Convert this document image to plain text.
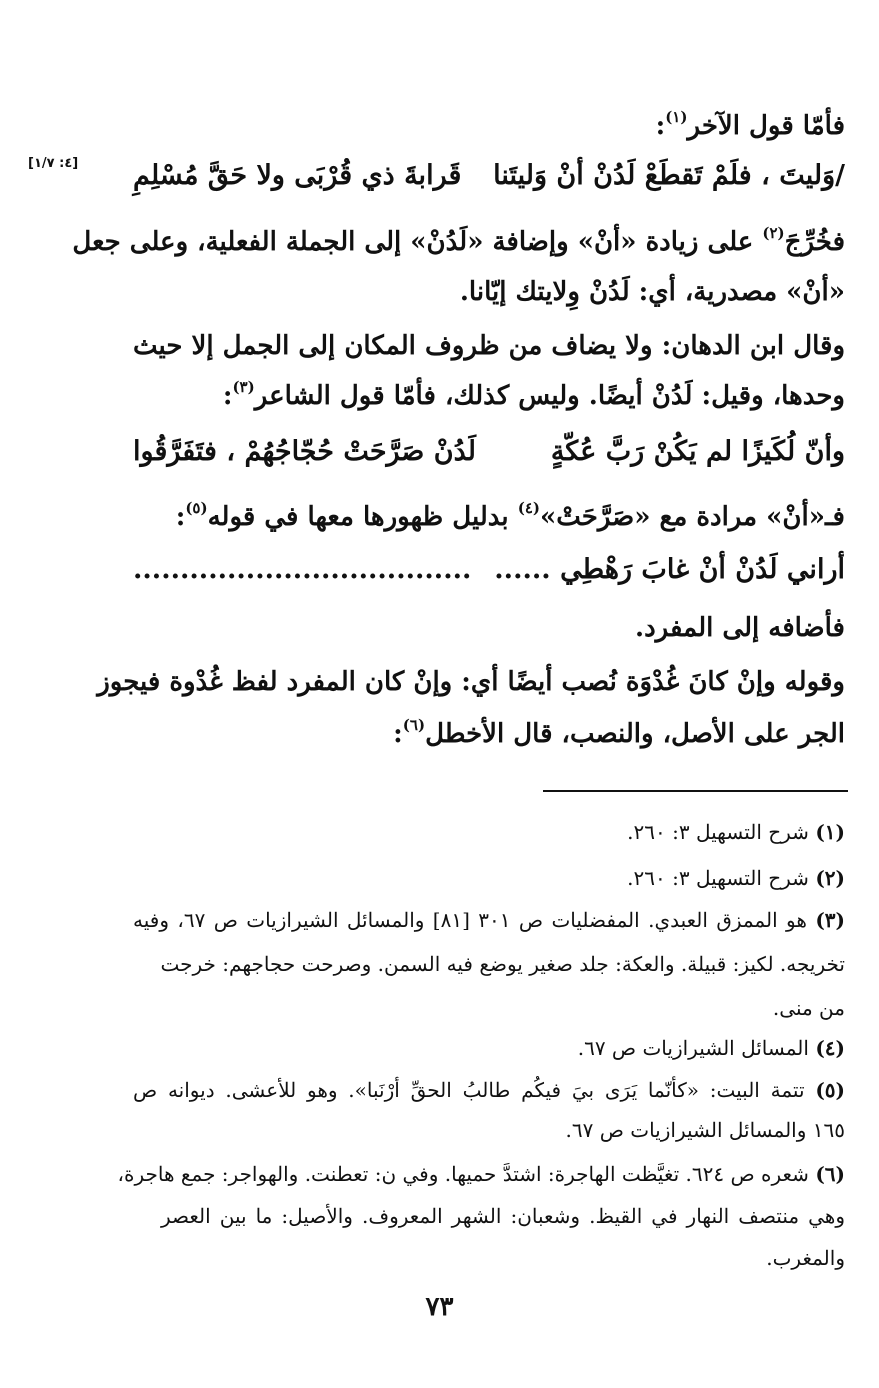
[٤: ١/٧]
فأمّا قول الآخر$^{(١)}$:
/وَليتَ ، فلَمْ تَقطَعْ لَدُنْ أنْ وَليتَنا
قَرابةَ ذي قُرْبَى ولا حَقَّ مُسْلِمِ
فخُرِّجَ$^{(٢)}$ على زيادة «أنْ» وإضافة «لَدُنْ» إلى الجملة الفعلية، وعلى جعل
«أنْ» مصدرية، أي: لَدُنْ وِلايتك إيّانا.
وقال ابن الدهان: ولا يضاف من ظروف المكان إلى الجمل إلا حيث
وحدها، وقيل: لَدُنْ أيضًا. وليس كذلك، فأمّا قول الشاعر$^{(٣)}$:
وأنّ لُكَيزًا لم يَكُنْ رَبَّ عُكّةٍ
لَدُنْ صَرَّحَتْ حُجّاجُهُمْ ، فتَفَرَّقُوا
فـ«أنْ» مرادة مع «صَرَّحَتْ»$^{(٤)}$ بدليل ظهورها معها في قوله$^{(٥)}$:
أراني لَدُنْ أنْ غابَ رَهْطِي ......
....................................
فأضافه إلى المفرد.
وقوله وإنْ كانَ غُدْوَة نُصب أيضًا أي: وإنْ كان المفرد لفظ غُدْوة فيجوز
الجر على الأصل، والنصب، قال الأخطل$^{(٦)}$:
(١) شرح التسهيل ٣: ٢٦٠.
(٢) شرح التسهيل ٣: ٢٦٠.
(٣) هو الممزق العبدي. المفضليات ص ٣٠١ [٨١] والمسائل الشيرازيات ص ٦٧، وفيه
تخريجه. لكيز: قبيلة. والعكة: جلد صغير يوضع فيه السمن. وصرحت حجاجهم: خرجت
من منى.
(٤) المسائل الشيرازيات ص ٦٧.
(٥) تتمة البيت: «كأنّما يَرَى بيَ فيكُم طالبُ الحقِّ أرْنَبا». وهو للأعشى. ديوانه ص
١٦٥ والمسائل الشيرازيات ص ٦٧.
(٦) شعره ص ٦٢٤. تغيَّظت الهاجرة: اشتدَّ حميها. وفي ن: تعطنت. والهواجر: جمع هاجرة،
وهي منتصف النهار في القيظ. وشعبان: الشهر المعروف. والأصيل: ما بين العصر
والمغرب.
٧٣
